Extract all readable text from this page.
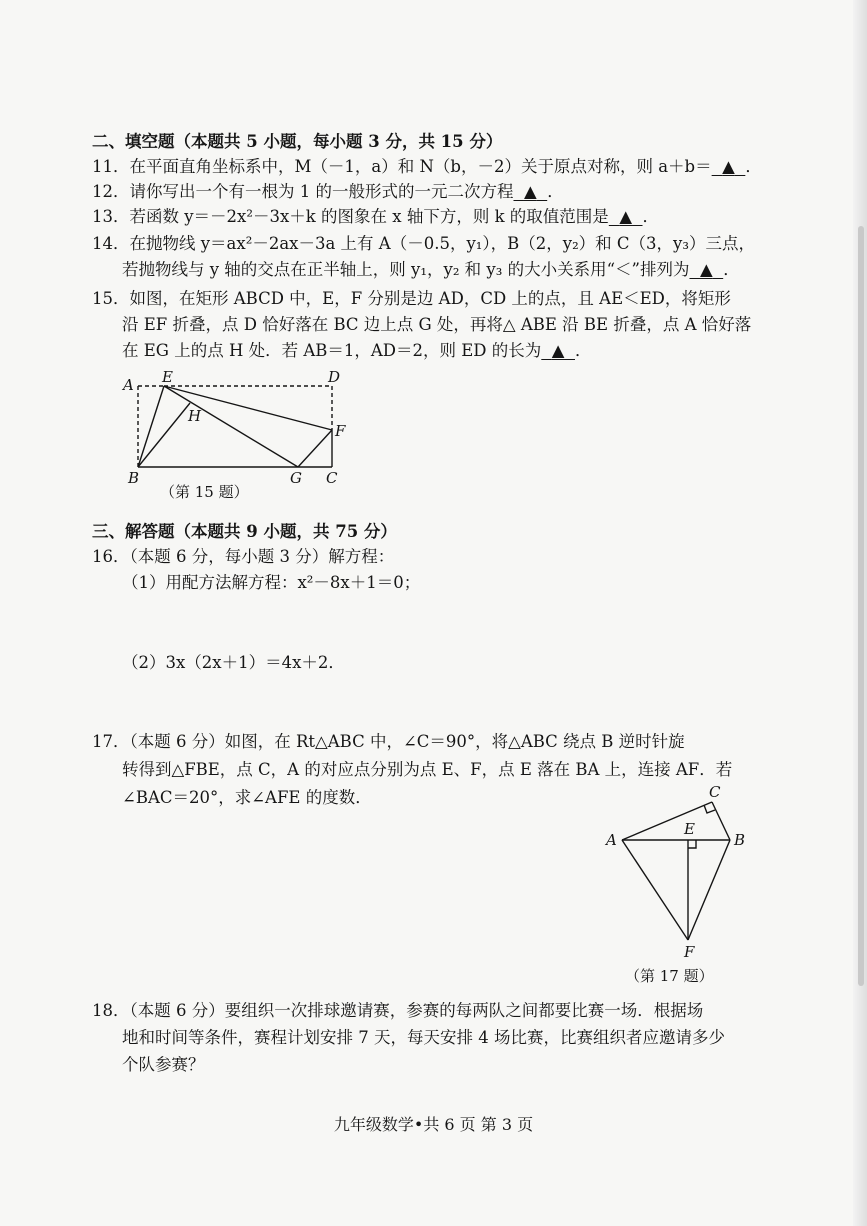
二、填空题（本题共 5 小题，每小题 3 分，共 15 分）
11．在平面直角坐标系中，M（－1，a）和 N（b，－2）关于原点对称，则 a＋b＝  ▲  ．
12．请你写出一个有一根为 1 的一般形式的一元二次方程  ▲  ．
13．若函数 y＝－2x²－3x＋k 的图象在 x 轴下方，则 k 的取值范围是  ▲  ．
14．在抛物线 y＝ax²－2ax－3a 上有 A（－0.5，y₁），B（2，y₂）和 C（3，y₃）三点，
若抛物线与 y 轴的交点在正半轴上，则 y₁，y₂ 和 y₃ 的大小关系用“＜”排列为  ▲  ．
15．如图，在矩形 ABCD 中，E，F 分别是边 AD，CD 上的点，且 AE＜ED，将矩形
沿 EF 折叠，点 D 恰好落在 BC 边上点 G 处，再将△ ABE 沿 BE 折叠，点 A 恰好落
在 EG 上的点 H 处．若 AB＝1，AD＝2，则 ED 的长为  ▲  ．
A E	D
H
F
B	G C
（第 15 题）
三、解答题（本题共 9 小题，共 75 分）
16．（本题 6 分，每小题 3 分）解方程：
（1）用配方法解方程：x²－8x＋1＝0；
（2）3x（2x＋1）＝4x＋2．
17．（本题 6 分）如图，在 Rt△ABC 中，∠C＝90°，将△ABC 绕点 B 逆时针旋
转得到△FBE，点 C，A 的对应点分别为点 E、F，点 E 落在 BA 上，连接 AF．若
∠BAC＝20°，求∠AFE 的度数．	C
E
A	B
F
（第 17 题）
18．（本题 6 分）要组织一次排球邀请赛，参赛的每两队之间都要比赛一场．根据场
地和时间等条件，赛程计划安排 7 天，每天安排 4 场比赛，比赛组织者应邀请多少
个队参赛？
九年级数学•共 6 页 第 3 页
